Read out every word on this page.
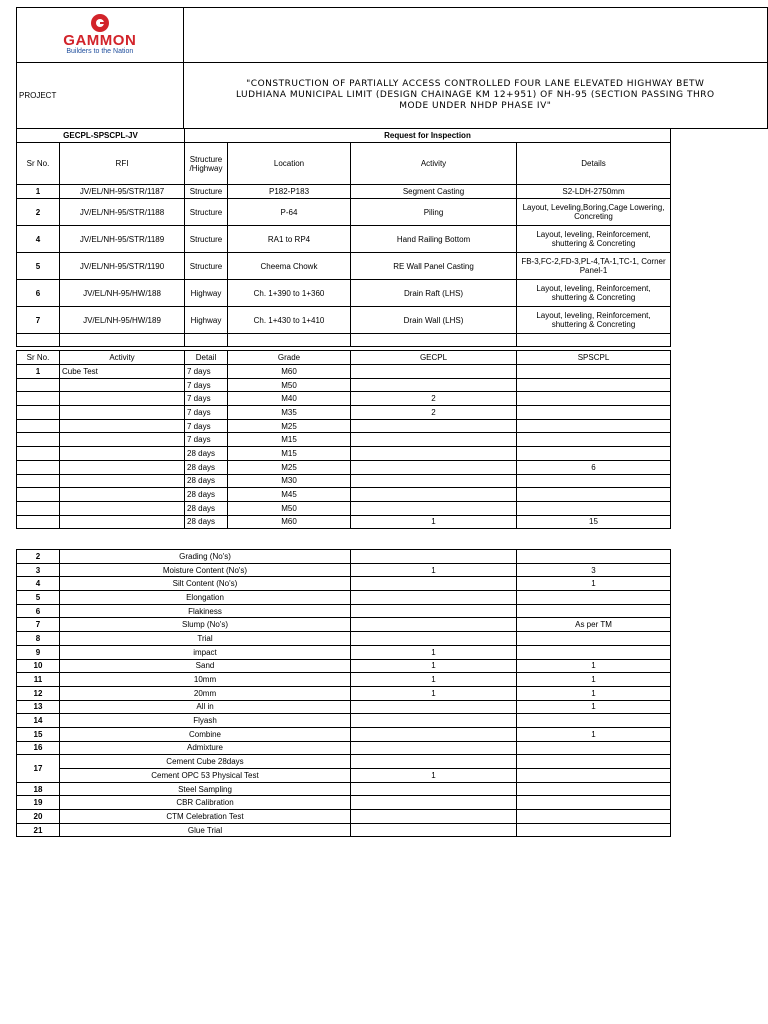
GAMMON
Builders to the Nation	

PROJECT	"CONSTRUCTION OF PARTIALLY ACCESS CONTROLLED FOUR LANE ELEVATED HIGHWAY BETW
LUDHIANA MUNICIPAL LIMIT (DESIGN CHAINAGE KM 12+951) OF NH-95 (SECTION PASSING THRO
MODE UNDER NHDP PHASE IV"
GECPL-SPSCPL-JV		Request for Inspection			
Sr No.	RFI	Structure /Highway	Location	Activity	Details
1	JV/EL/NH-95/STR/1187	Structure	P182-P183	Segment Casting	S2-LDH-2750mm
2	JV/EL/NH-95/STR/1188	Structure	P-64	Piling	Layout, Leveling,Boring,Cage Lowering, Concreting
4	JV/EL/NH-95/STR/1189	Structure	RA1 to RP4	Hand Railing Bottom	Layout, leveling, Reinforcement, shuttering & Concreting
5	JV/EL/NH-95/STR/1190	Structure	Cheema Chowk	RE Wall Panel Casting	FB-3,FC-2,FD-3,PL-4,TA-1,TC-1, Corner Panel-1
6	JV/EL/NH-95/HW/188	Highway	Ch. 1+390 to 1+360	Drain Raft (LHS)	Layout, leveling, Reinforcement, shuttering & Concreting
7	JV/EL/NH-95/HW/189	Highway	Ch. 1+430 to 1+410	Drain Wall (LHS)	Layout, leveling, Reinforcement, shuttering & Concreting

Sr No.	Activity	Detail	Grade	GECPL	SPSCPL
1	Cube Test	7 days	M60		
		7 days	M50		
		7 days	M40	2	
		7 days	M35	2	
		7 days	M25		
		7 days	M15		
		28 days	M15		
		28 days	M25		6
		28 days	M30		
		28 days	M45		
		28 days	M50		
		28 days	M60	1	15
2	Grading (No's)		
3	Moisture Content (No's)	1	3
4	Silt Content (No's)		1
5	Elongation		
6	Flakiness		
7	Slump (No's)		As per TM
8	Trial		
9	impact	1	
10	Sand	1	1
11	10mm	1	1
12	20mm	1	1
13	All in		1
14	Flyash		
15	Combine		1
16	Admixture		
17	Cement Cube 28days		
	Cement OPC 53 Physical Test	1	
18	Steel Sampling		
19	CBR Calibration		
20	CTM Celebration Test		
21	Glue Trial		
